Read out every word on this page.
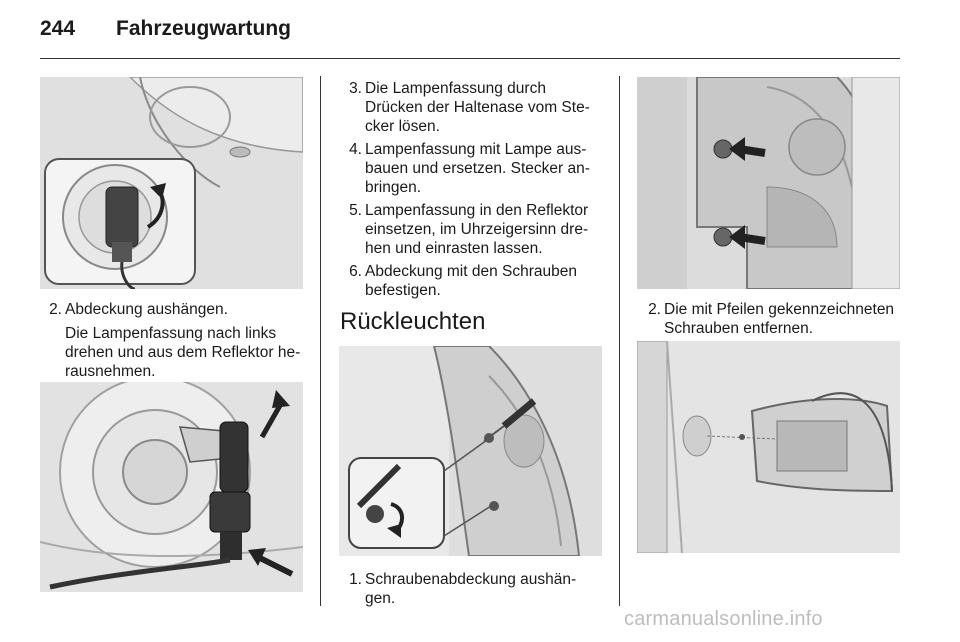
244 Fahrzeugwartung
2. Abdeckung aushängen.
Die Lampenfassung nach links
drehen und aus dem Reflektor he-
rausnehmen.
3. Die Lampenfassung durch
Drücken der Haltenase vom Ste-
cker lösen.
4. Lampenfassung mit Lampe aus-
bauen und ersetzen. Stecker an-
bringen.
5. Lampenfassung in den Reflektor
einsetzen, im Uhrzeigersinn dre-
hen und einrasten lassen.
6. Abdeckung mit den Schrauben
befestigen.
Rückleuchten
1. Schraubenabdeckung aushän-
gen.
2. Die mit Pfeilen gekennzeichneten
Schrauben entfernen.
carmanualsonline.info
